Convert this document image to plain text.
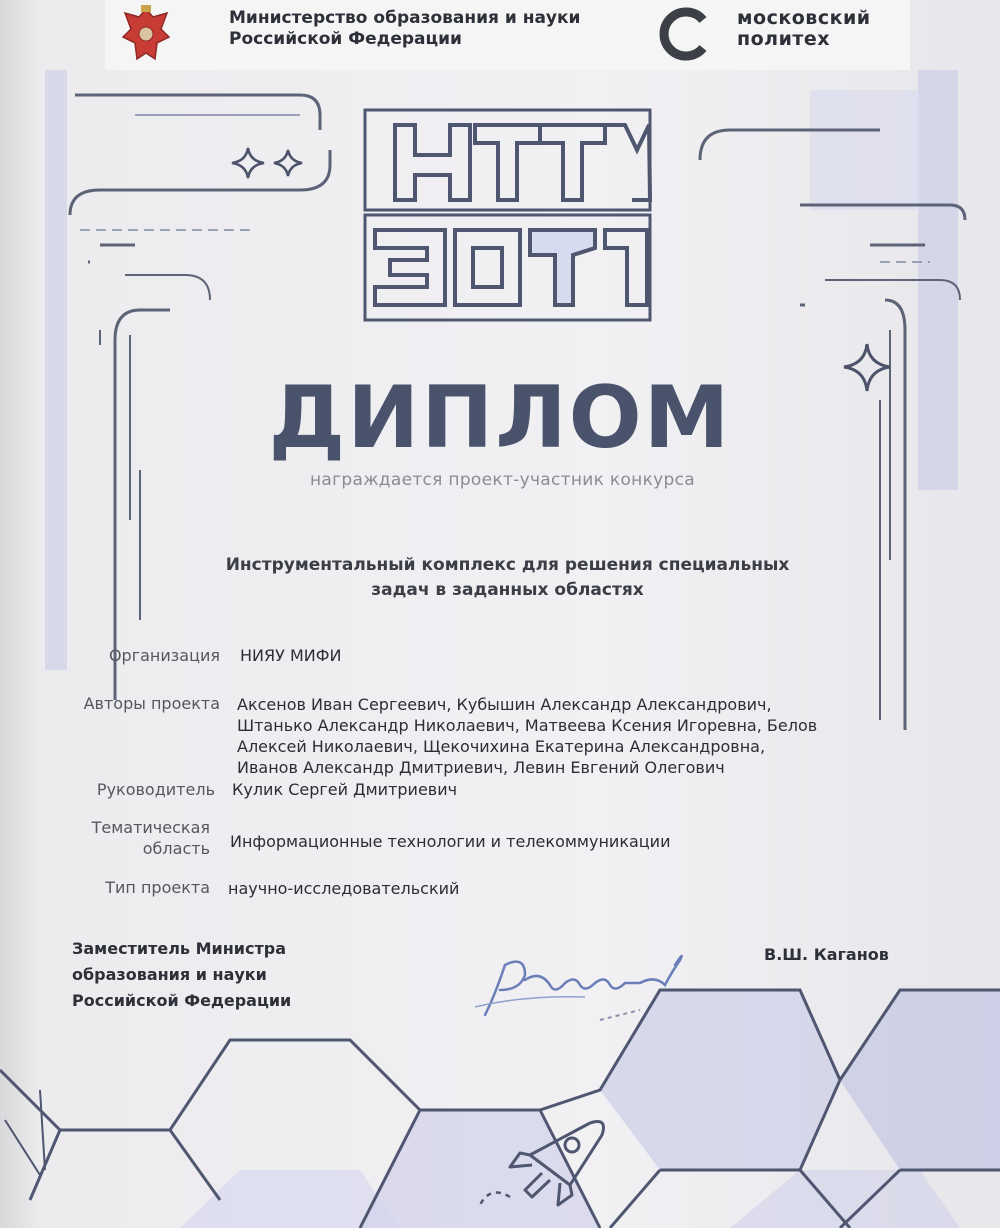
Министерство образования и науки
Российской Федерации
московский
политех
ДИПЛОМ
награждается проект-участник конкурса
Инструментальный комплекс для решения специальных
задач в заданных областях
Организация НИЯУ МИФИ
Авторы проекта Аксенов Иван Сергеевич, Кубышин Александр Александрович,
Штанько Александр Николаевич, Матвеева Ксения Игоревна, Белов
Алексей Николаевич, Щекочихина Екатерина Александровна,
Иванов Александр Дмитриевич, Левин Евгений Олегович
Руководитель Кулик Сергей Дмитриевич
Тематическая
область Информационные технологии и телекоммуникации
Тип проекта научно-исследовательский
Заместитель Министра
образования и науки
Российской Федерации
В.Ш. Каганов
